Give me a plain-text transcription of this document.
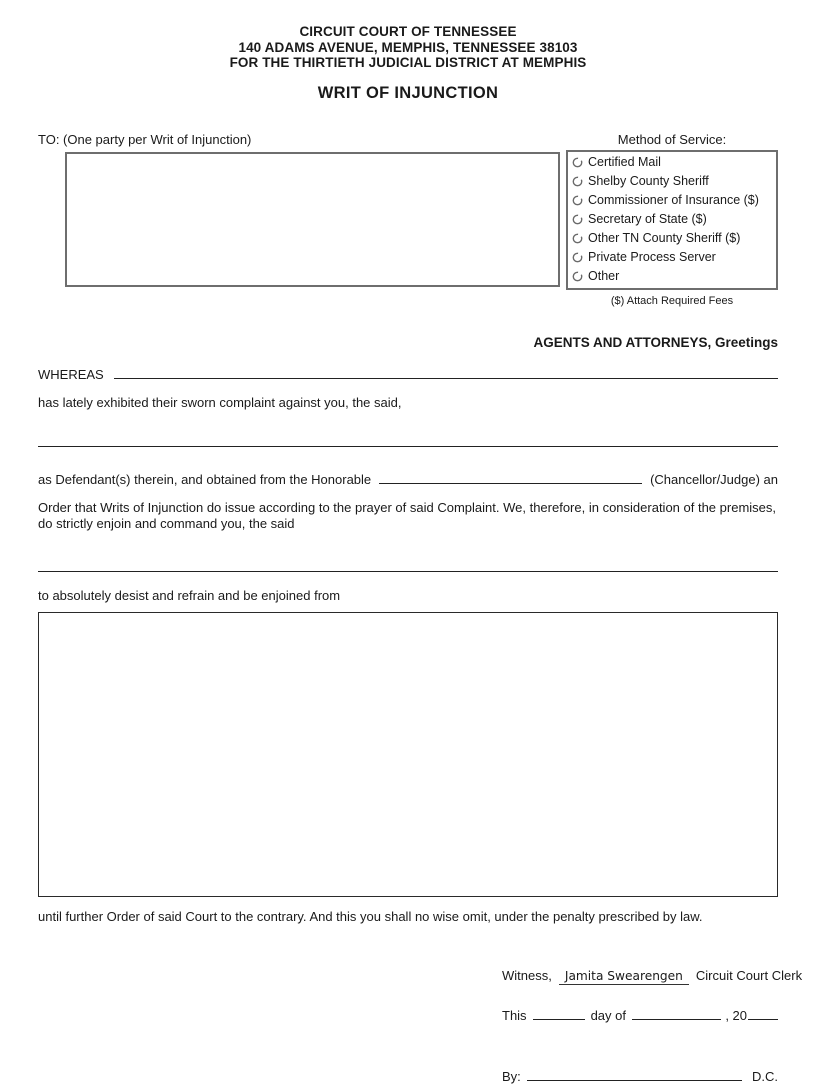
CIRCUIT COURT OF TENNESSEE
140 ADAMS AVENUE, MEMPHIS, TENNESSEE 38103
FOR THE THIRTIETH JUDICIAL DISTRICT AT MEMPHIS
WRIT OF INJUNCTION
TO: (One party per Writ of Injunction)	Method of Service:
Certified Mail
Shelby County Sheriff
Commissioner of Insurance ($)
Secretary of State ($)
Other TN County Sheriff ($)
Private Process Server
Other
($) Attach Required Fees
AGENTS AND ATTORNEYS, Greetings
WHEREAS
has lately exhibited their sworn complaint against you, the said,
as Defendant(s) therein, and obtained from the Honorable	(Chancellor/Judge) an
Order that Writs of Injunction do issue according to the prayer of said Complaint. We, therefore, in consideration of the premises, do strictly enjoin and command you, the said
to absolutely desist and refrain and be enjoined from
until further Order of said Court to the contrary. And this you shall no wise omit, under the penalty prescribed by law.
Witness,	Jamita Swearengen	Circuit Court Clerk
This	day of	, 20
By:	D.C.
